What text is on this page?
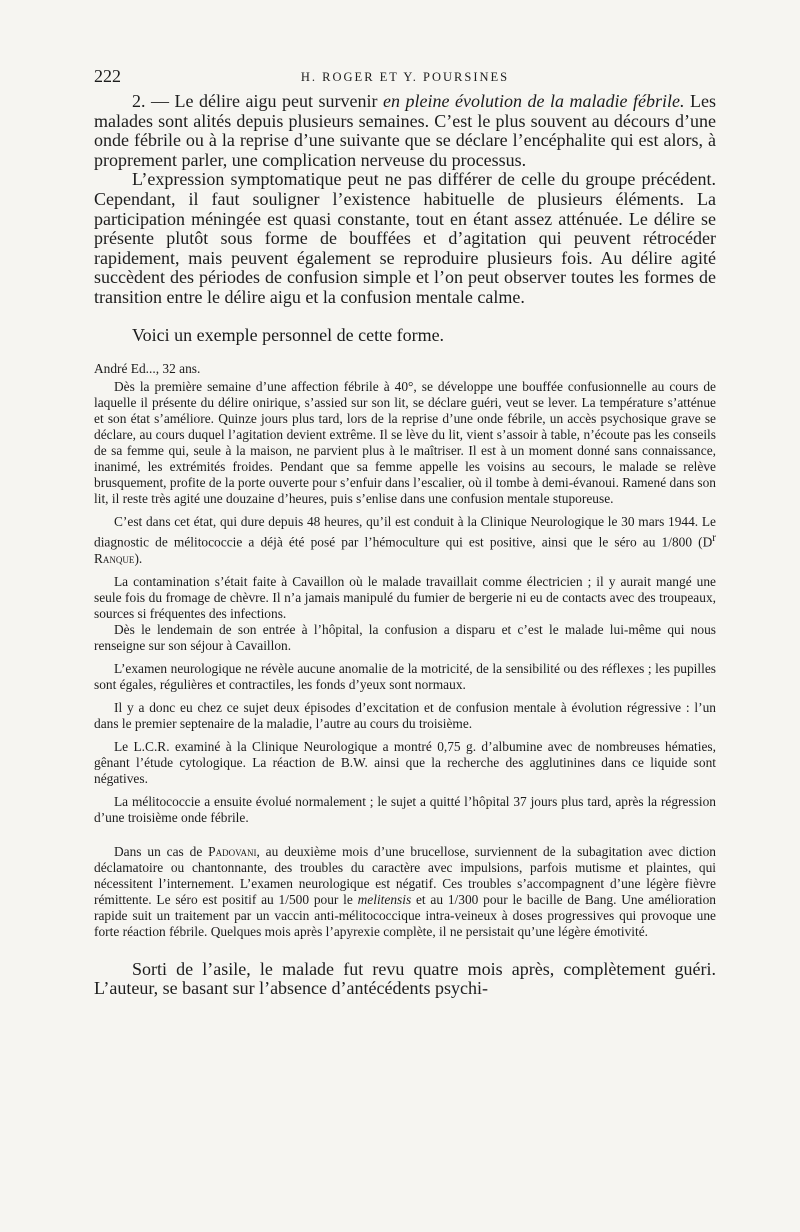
222	H. ROGER ET Y. POURSINES

2. — Le délire aigu peut survenir en pleine évolution de la maladie fébrile. Les malades sont alités depuis plusieurs semaines. C’est le plus souvent au décours d’une onde fébrile ou à la reprise d’une suivante que se déclare l’encéphalite qui est alors, à proprement parler, une complication nerveuse du processus.

L’expression symptomatique peut ne pas différer de celle du groupe précédent. Cependant, il faut souligner l’existence habituelle de plusieurs éléments. La participation méningée est quasi constante, tout en étant assez atténuée. Le délire se présente plutôt sous forme de bouffées et d’agitation qui peuvent rétrocéder rapidement, mais peuvent également se reproduire plusieurs fois. Au délire agité succèdent des périodes de confusion simple et l’on peut observer toutes les formes de transition entre le délire aigu et la confusion mentale calme.

Voici un exemple personnel de cette forme.

André Ed..., 32 ans.

Dès la première semaine d’une affection fébrile à 40°, se développe une bouffée confusionnelle au cours de laquelle il présente du délire onirique, s’assied sur son lit, se déclare guéri, veut se lever. La température s’atténue et son état s’améliore. Quinze jours plus tard, lors de la reprise d’une onde fébrile, un accès psychosique grave se déclare, au cours duquel l’agitation devient extrême. Il se lève du lit, vient s’assoir à table, n’écoute pas les conseils de sa femme qui, seule à la maison, ne parvient plus à le maîtriser. Il est à un moment donné sans connaissance, inanimé, les extrémités froides. Pendant que sa femme appelle les voisins au secours, le malade se relève brusquement, profite de la porte ouverte pour s’enfuir dans l’escalier, où il tombe à demi-évanoui. Ramené dans son lit, il reste très agité une douzaine d’heures, puis s’enlise dans une confusion mentale stuporeuse.

C’est dans cet état, qui dure depuis 48 heures, qu’il est conduit à la Clinique Neurologique le 30 mars 1944. Le diagnostic de mélitococcie a déjà été posé par l’hémoculture qui est positive, ainsi que le séro au 1/800 ($D^r$ Ranque).

La contamination s’était faite à Cavaillon où le malade travaillait comme électricien ; il y aurait mangé une seule fois du fromage de chèvre. Il n’a jamais manipulé du fumier de bergerie ni eu de contacts avec des troupeaux, sources si fréquentes des infections.

Dès le lendemain de son entrée à l’hôpital, la confusion a disparu et c’est le malade lui-même qui nous renseigne sur son séjour à Cavaillon.

L’examen neurologique ne révèle aucune anomalie de la motricité, de la sensibilité ou des réflexes ; les pupilles sont égales, régulières et contractiles, les fonds d’yeux sont normaux.

Il y a donc eu chez ce sujet deux épisodes d’excitation et de confusion mentale à évolution régressive : l’un dans le premier septenaire de la maladie, l’autre au cours du troisième.

Le L.C.R. examiné à la Clinique Neurologique a montré 0,75 g. d’albumine avec de nombreuses hématies, gênant l’étude cytologique. La réaction de B.W. ainsi que la recherche des agglutinines dans ce liquide sont négatives.

La mélitococcie a ensuite évolué normalement ; le sujet a quitté l’hôpital 37 jours plus tard, après la régression d’une troisième onde fébrile.

Dans un cas de Padovani, au deuxième mois d’une brucellose, surviennent de la subagitation avec diction déclamatoire ou chantonnante, des troubles du caractère avec impulsions, parfois mutisme et plaintes, qui nécessitent l’internement. L’examen neurologique est négatif. Ces troubles s’accompagnent d’une légère fièvre rémittente. Le séro est positif au 1/500 pour le melitensis et au 1/300 pour le bacille de Bang. Une amélioration rapide suit un traitement par un vaccin anti-mélitococcique intra-veineux à doses progressives qui provoque une forte réaction fébrile. Quelques mois après l’apyrexie complète, il ne persistait qu’une légère émotivité.

Sorti de l’asile, le malade fut revu quatre mois après, complètement guéri. L’auteur, se basant sur l’absence d’antécédents psychi-
